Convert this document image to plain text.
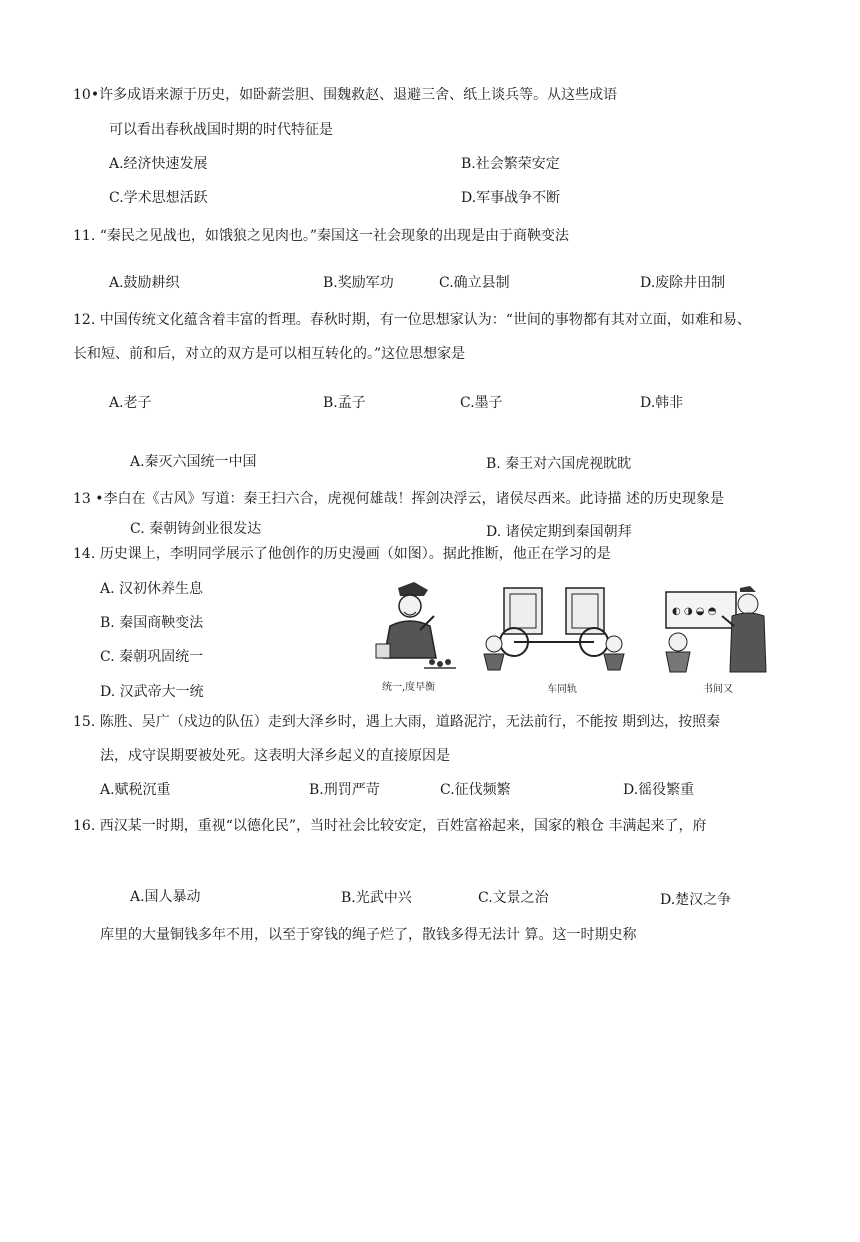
10•许多成语来源于历史，如卧薪尝胆、围魏救赵、退避三舍、纸上谈兵等。从这些成语
可以看出春秋战国时期的时代特征是
A.经济快速发展	B.社会繁荣安定
C.学术思想活跃	D.军事战争不断
11. “秦民之见战也，如饿狼之见肉也。”秦国这一社会现象的出现是由于商鞅变法
A.鼓励耕织	B.奖励军功	C.确立县制	D.废除井田制
12. 中国传统文化蕴含着丰富的哲理。春秋时期，有一位思想家认为：“世间的事物都有其对立面，如难和易、
长和短、前和后，对立的双方是可以相互转化的。”这位思想家是
A.老子	B.孟子	C.墨子	D.韩非
A.秦灭六国统一中国	B. 秦王对六国虎视眈眈
13 •李白在《古风》写道：秦王扫六合，虎视何雄哉！挥剑决浮云，诸侯尽西来。此诗描 述的历史现象是
C. 秦朝铸剑业很发达	D. 诸侯定期到秦国朝拜
14. 历史课上，李明同学展示了他创作的历史漫画（如图）。据此推断，他正在学习的是
A. 汉初休养生息
B. 秦国商鞅变法
C. 秦朝巩固统一
D. 汉武帝大一统	统一,度早衡	车同轨
◐ ◑ ◒ ◓
书间又
15. 陈胜、吴广（戍边的队伍）走到大泽乡时，遇上大雨，道路泥泞，无法前行，不能按 期到达，按照秦
法，戍守误期要被处死。这表明大泽乡起义的直接原因是
A.赋税沉重	B.刑罚严苛	C.征伐频繁	D.徭役繁重
16. 西汉某一时期，重视“以德化民”，当时社会比较安定，百姓富裕起来，国家的粮仓 丰满起来了，府
A.国人暴动	B.光武中兴	C.文景之治	D.楚汉之争
库里的大量铜钱多年不用，以至于穿钱的绳子烂了，散钱多得无法计 算。这一时期史称
